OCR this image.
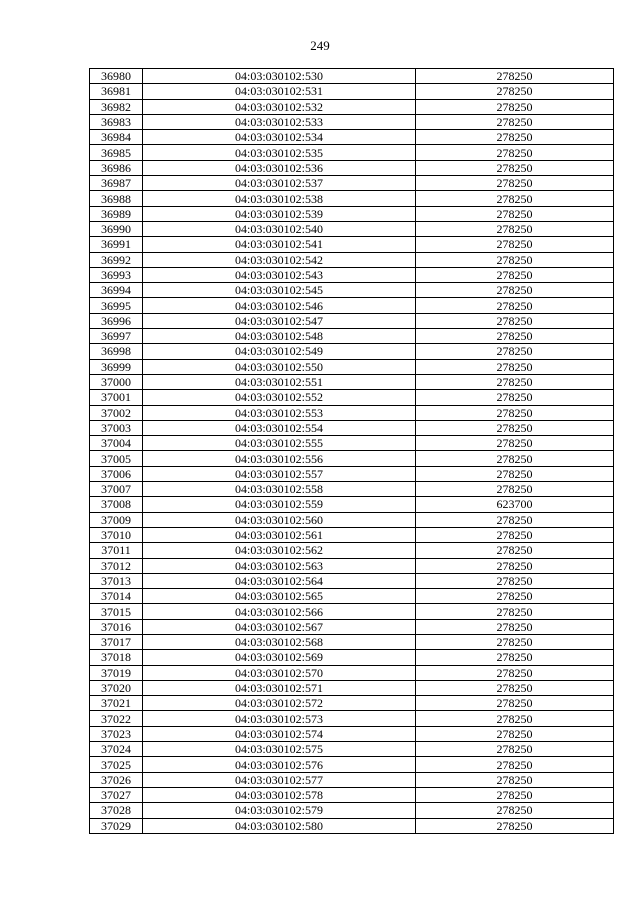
249
36980	04:03:030102:530	278250
36981	04:03:030102:531	278250
36982	04:03:030102:532	278250
36983	04:03:030102:533	278250
36984	04:03:030102:534	278250
36985	04:03:030102:535	278250
36986	04:03:030102:536	278250
36987	04:03:030102:537	278250
36988	04:03:030102:538	278250
36989	04:03:030102:539	278250
36990	04:03:030102:540	278250
36991	04:03:030102:541	278250
36992	04:03:030102:542	278250
36993	04:03:030102:543	278250
36994	04:03:030102:545	278250
36995	04:03:030102:546	278250
36996	04:03:030102:547	278250
36997	04:03:030102:548	278250
36998	04:03:030102:549	278250
36999	04:03:030102:550	278250
37000	04:03:030102:551	278250
37001	04:03:030102:552	278250
37002	04:03:030102:553	278250
37003	04:03:030102:554	278250
37004	04:03:030102:555	278250
37005	04:03:030102:556	278250
37006	04:03:030102:557	278250
37007	04:03:030102:558	278250
37008	04:03:030102:559	623700
37009	04:03:030102:560	278250
37010	04:03:030102:561	278250
37011	04:03:030102:562	278250
37012	04:03:030102:563	278250
37013	04:03:030102:564	278250
37014	04:03:030102:565	278250
37015	04:03:030102:566	278250
37016	04:03:030102:567	278250
37017	04:03:030102:568	278250
37018	04:03:030102:569	278250
37019	04:03:030102:570	278250
37020	04:03:030102:571	278250
37021	04:03:030102:572	278250
37022	04:03:030102:573	278250
37023	04:03:030102:574	278250
37024	04:03:030102:575	278250
37025	04:03:030102:576	278250
37026	04:03:030102:577	278250
37027	04:03:030102:578	278250
37028	04:03:030102:579	278250
37029	04:03:030102:580	278250
